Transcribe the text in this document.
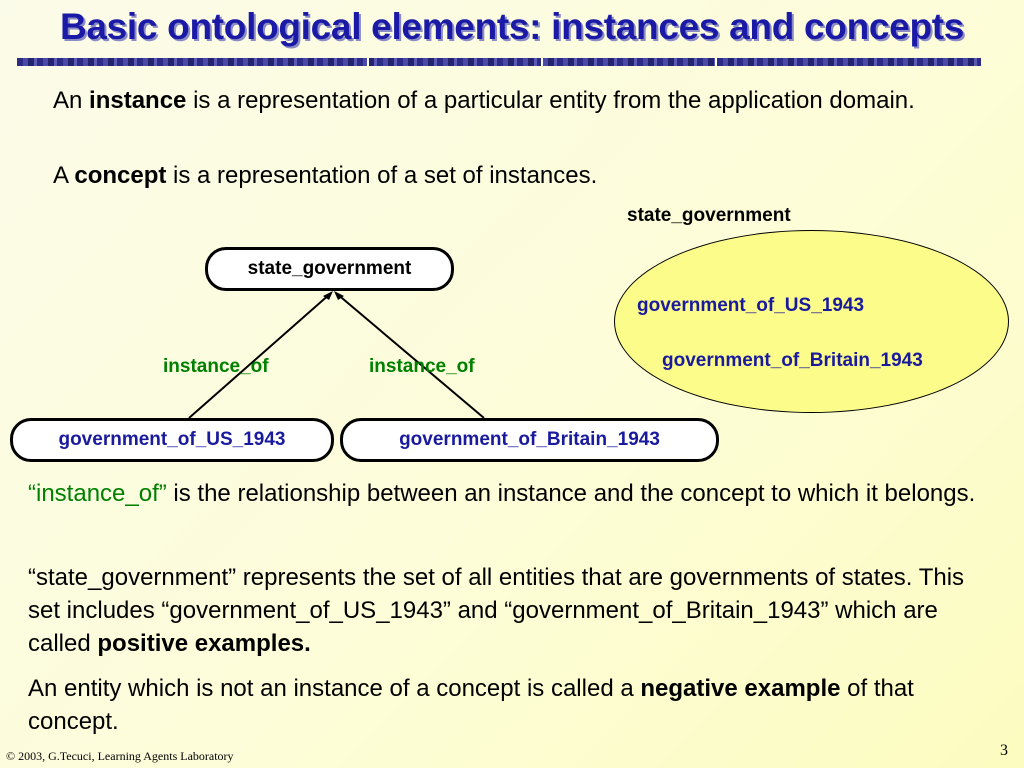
Basic ontological elements: instances and concepts

An instance is a representation of a particular entity from the application domain.

A concept is a representation of a set of instances.

state_government
government_of_US_1943	government_of_Britain_1943
instance_of	instance_of
state_government
government_of_US_1943
government_of_Britain_1943

“instance_of” is the relationship between an instance and the concept to which it belongs.

“state_government” represents the set of all entities that are governments of states. This set includes “government_of_US_1943” and “government_of_Britain_1943” which are called positive examples.

An entity which is not an instance of a concept is called a negative example of that concept.

© 2003, G.Tecuci, Learning Agents Laboratory	3
